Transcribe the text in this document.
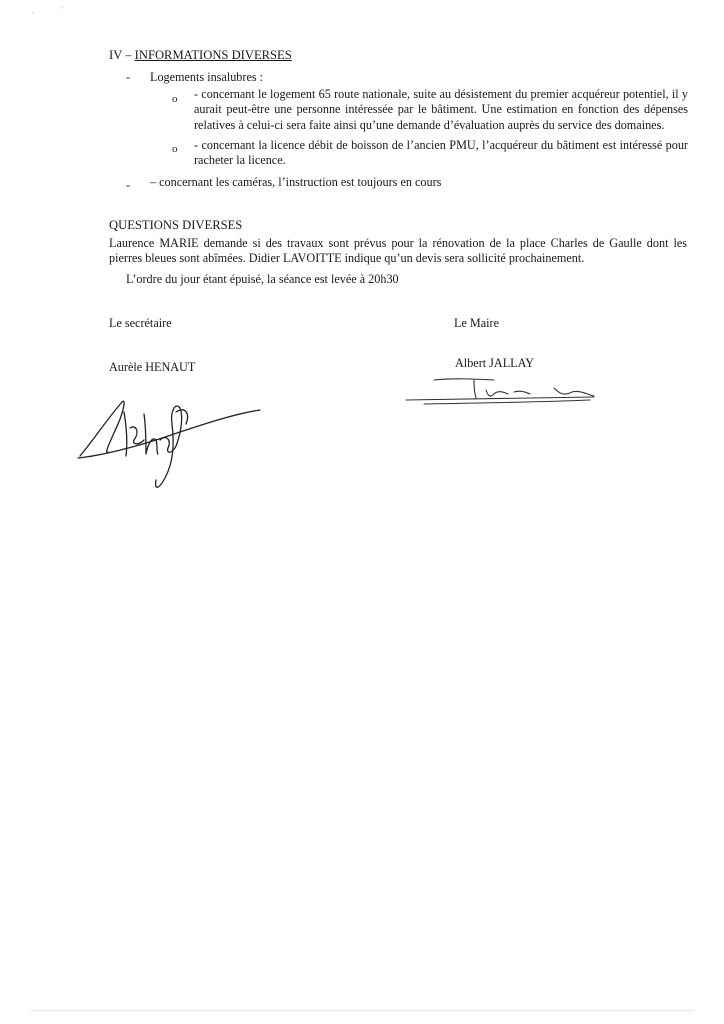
-	'
IV – INFORMATIONS DIVERSES
- Logements insalubres :
o - concernant le logement 65 route nationale, suite au désistement du premier acquéreur potentiel, il y aurait peut-être une personne intéressée par le bâtiment. Une estimation en fonction des dépenses relatives à celui-ci sera faite ainsi qu’une demande d’évaluation auprès du service des domaines.
o - concernant la licence débit de boisson de l’ancien PMU, l’acquéreur du bâtiment est intéressé pour racheter la licence.
- – concernant les caméras, l’instruction est toujours en cours
QUESTIONS DIVERSES
Laurence MARIE demande si des travaux sont prévus pour la rénovation de la place Charles de Gaulle dont les pierres bleues sont abîmées. Didier LAVOITTE indique qu’un devis sera sollicité prochainement.
L’ordre du jour étant épuisé, la séance est levée à 20h30
Le secrétaire	Le Maire
Aurèle HENAUT	Albert JALLAY
